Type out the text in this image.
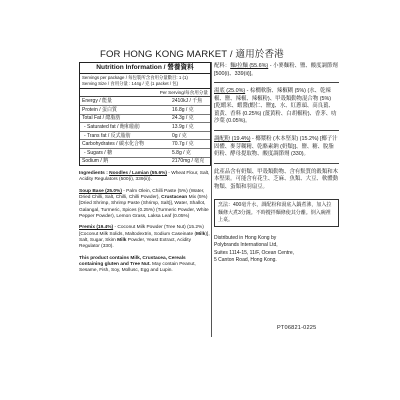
FOR HONG KONG MARKET / 適用於香港
Nutrition Information / 營養資料
Servings per package / 每包裝所含食用分量數目: 1 (1)
Serving Size / 食用分量 : 144g / 克 (1 packet / 包)
Per Serving/每食用分量
Energy / 能量	2410kJ / 千焦
Protein / 蛋白質	16.8g / 克
Total Fat / 總脂肪	24.3g / 克
- Saturated fat / 飽和脂肪	13.9g / 克
- Trans fat / 反式脂肪	0g / 克
Carbohydrates / 碳水化合物	70.7g / 克
- Sugars / 糖	5.8g / 克
Sodium / 鈉	2170mg / 毫克
Ingredients : Noodles / Lamian (55.6%) - Wheat Flour, Salt, Acidity Regulators (500(i), 339(ii)).
Soup Base (25.0%) - Palm Olein, Chilli Paste (5%) (Water, Dried Chilli, Salt, Chilli, Chilli Powder), Crustacean Mix (5%) [Dried Shrimp, Shrimp Paste (Shrimp, Salt)], Water, Shallot, Galangal, Turmeric, Spices (0.25%) (Turmeric Powder, White Pepper Powder), Lemon Grass, Laksa Leaf (0.05%)
Premix (19.4%) - Coconut Milk Powder (Tree Nut) (15.2%) [Coconut Milk Solids, Maltodextrin, Sodium Caseinate (Milk)], Salt, Sugar, Skim Milk Powder, Yeast Extract, Acidity Regulator (330).
This product contains Milk, Crustacea, Cereals containing gluten and Tree Nut. May contain Peanut, Sesame, Fish, Soy, Mollusc, Egg and Lupin.
配料：麵/拉麵 (55.6%) - 小麥麵粉、鹽、酸度調節劑 [500(i)、339(ii)]。
湯底 (25.0%) - 棕櫚軟脂、辣椒糊 (5%) (水、乾辣椒、鹽、辣椒、辣椒粉)、甲殼類動物混合物 (5%) [乾蝦米、蝦醬(蝦仁、鹽)]、水、紅蔥頭、高良薑、薑黃、香料 (0.25%) (薑黃粉、白胡椒粉)、香茅、叻沙葉 (0.05%)。
調配粉 (19.4%) - 椰漿粉 (木本堅果) (15.2%) [椰子汁固體、麥芽糊精、乾酪素鈉 (奶類)]、鹽、糖、脫脂奶粉、酵母提取物、酸度調節劑 (330)。
此產品含有奶類、甲殼類動物、含有麩質的穀類和木本堅果。可能含有花生、芝麻、魚類、大豆、軟體動物類、蛋類和羽扇豆。
烹法：400毫升水，調配粉和湯底入鍋煮沸，加入拉麵條大煮3分鐘。不時攪拌麵條使其分離。倒入碗裡上桌。
Distributed in Hong Kong by
Polybrands International Ltd,
Suites 1114-15, 11/F, Ocean Centre,
5 Canton Road, Hong Kong.
PT06821-0225
